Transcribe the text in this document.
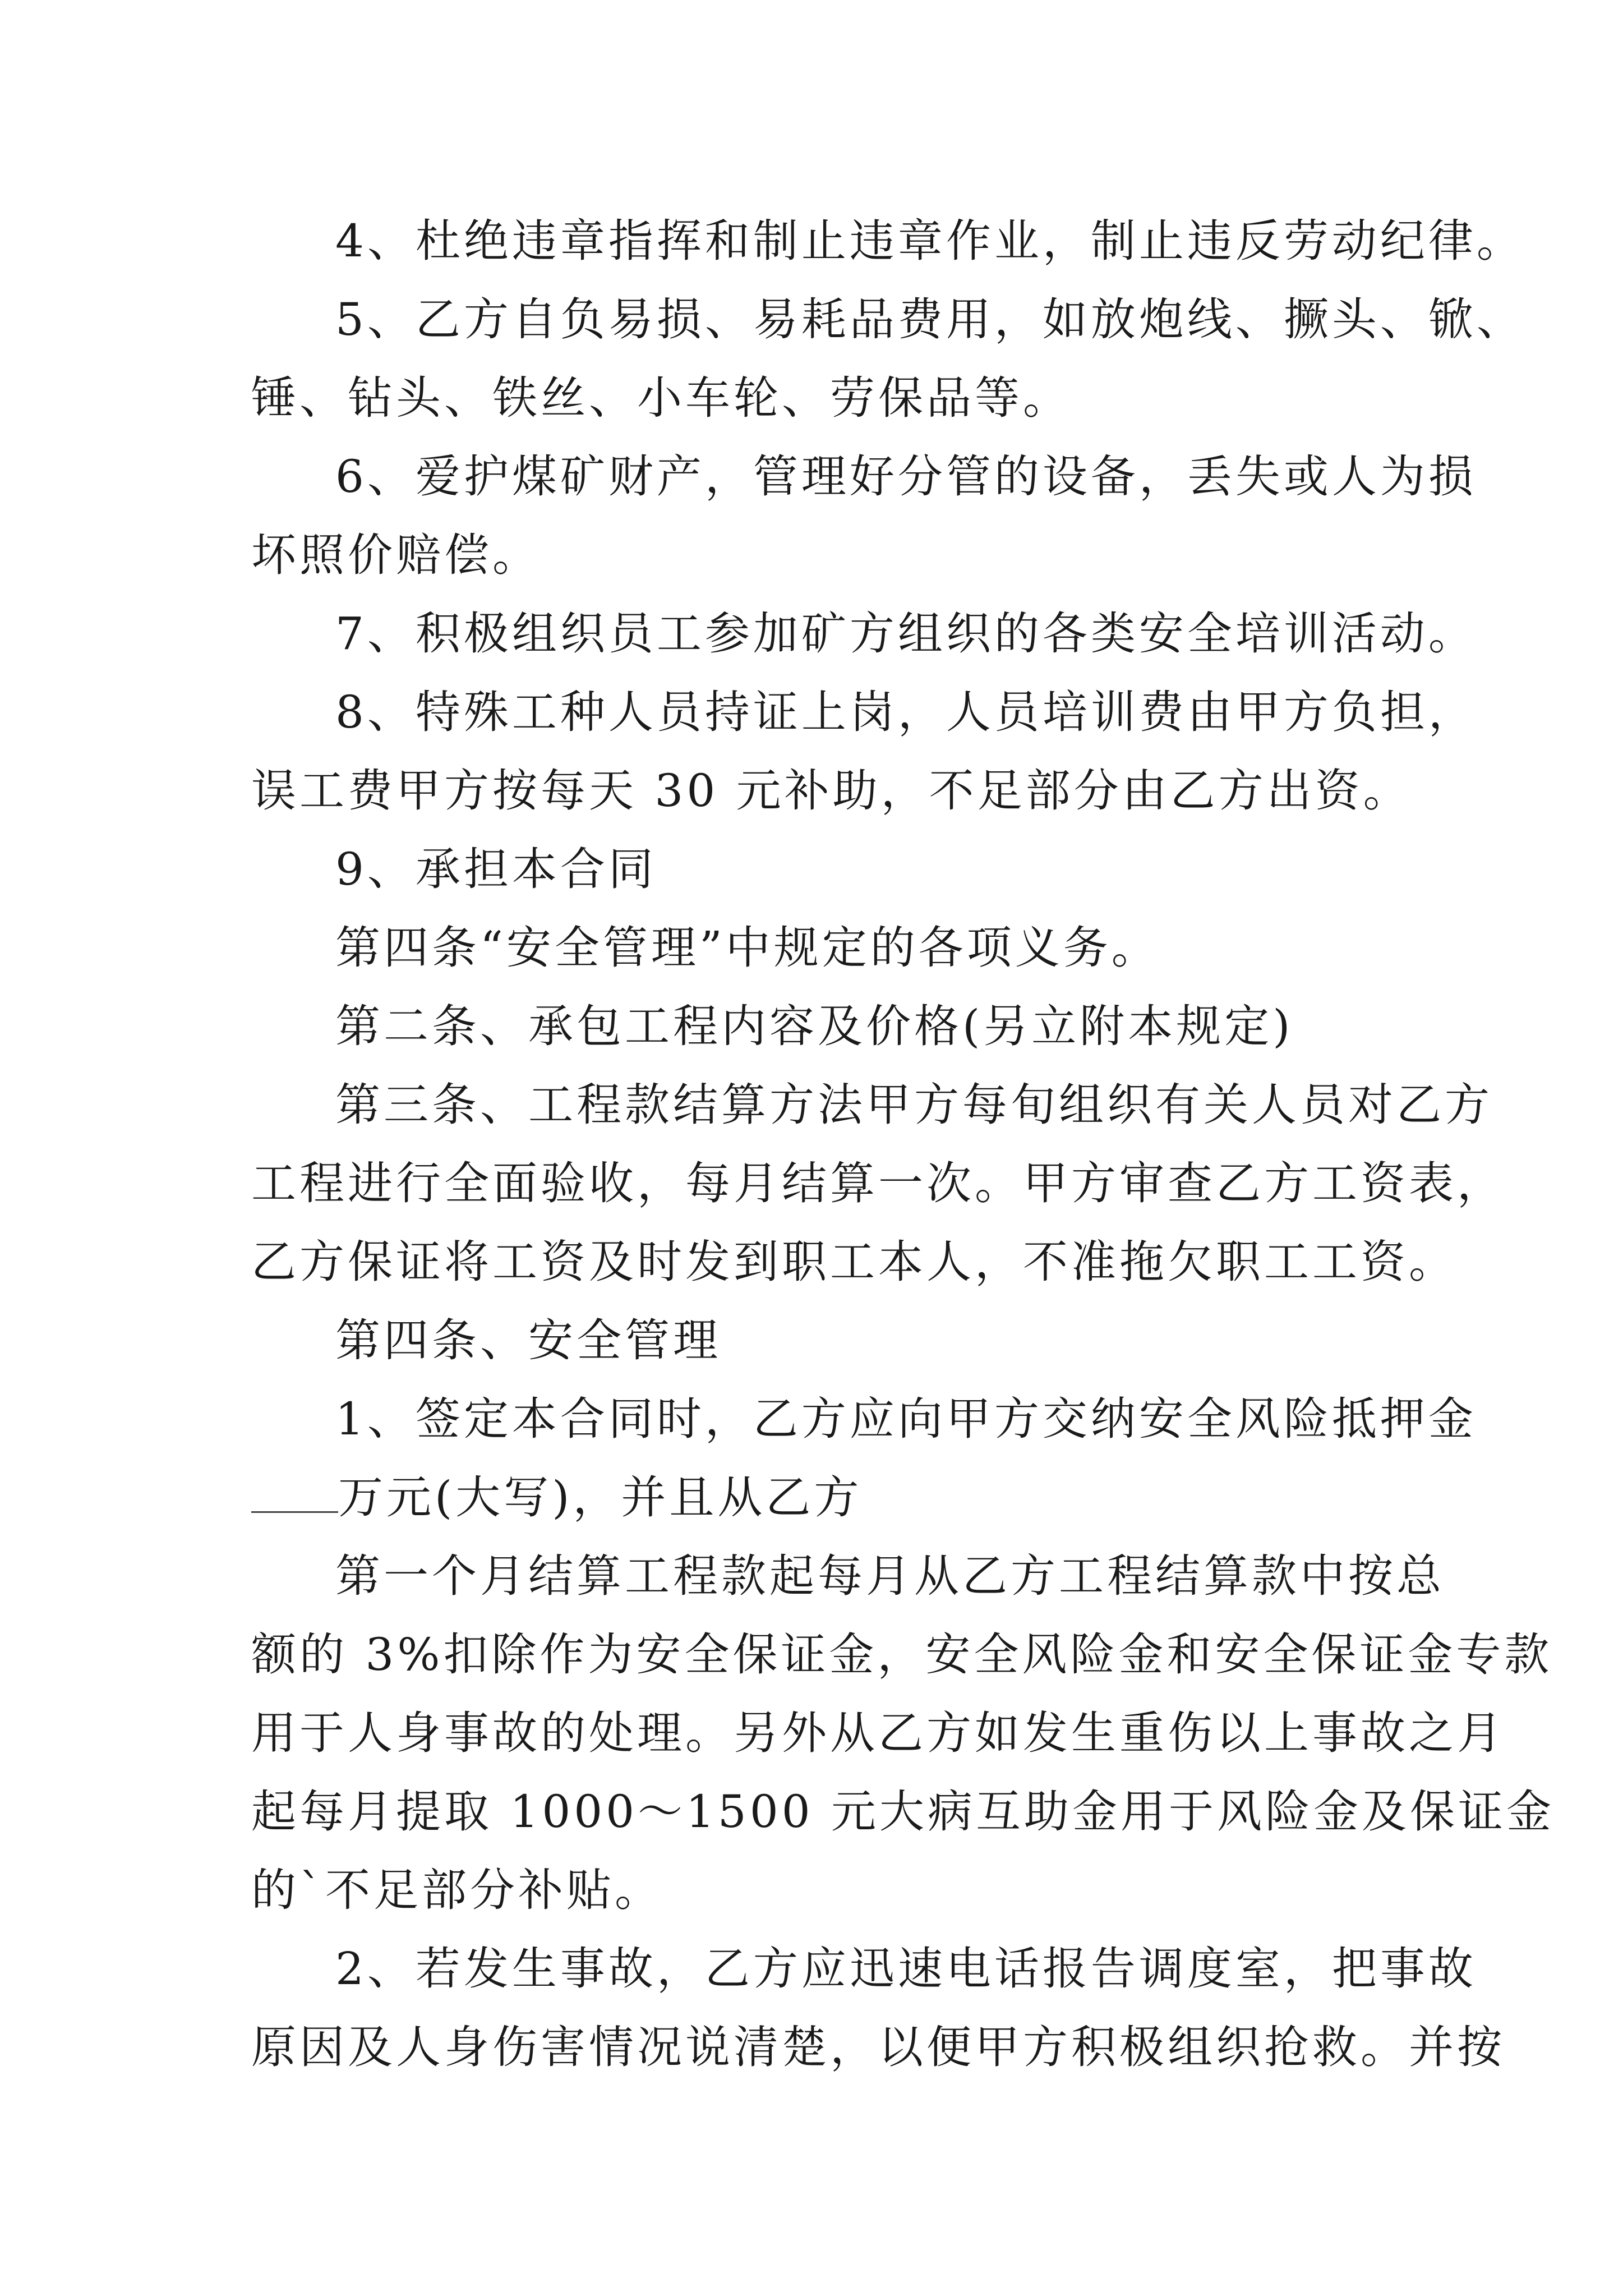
4、杜绝违章指挥和制止违章作业，制止违反劳动纪律。
5、乙方自负易损、易耗品费用，如放炮线、撅头、锨、
锤、钻头、铁丝、小车轮、劳保品等。
6、爱护煤矿财产，管理好分管的设备，丢失或人为损
坏照价赔偿。
7、积极组织员工参加矿方组织的各类安全培训活动。
8、特殊工种人员持证上岗，人员培训费由甲方负担，
误工费甲方按每天 30 元补助，不足部分由乙方出资。
9、承担本合同
第四条“安全管理”中规定的各项义务。
第二条、承包工程内容及价格(另立附本规定)
第三条、工程款结算方法甲方每旬组织有关人员对乙方
工程进行全面验收，每月结算一次。甲方审查乙方工资表，
乙方保证将工资及时发到职工本人，不准拖欠职工工资。
第四条、安全管理
1、签定本合同时，乙方应向甲方交纳安全风险抵押金
万元(大写)，并且从乙方
第一个月结算工程款起每月从乙方工程结算款中按总
额的 3%扣除作为安全保证金，安全风险金和安全保证金专款
用于人身事故的处理。另外从乙方如发生重伤以上事故之月
起每月提取 1000～1500 元大病互助金用于风险金及保证金
的`不足部分补贴。
2、若发生事故，乙方应迅速电话报告调度室，把事故
原因及人身伤害情况说清楚，以便甲方积极组织抢救。并按
